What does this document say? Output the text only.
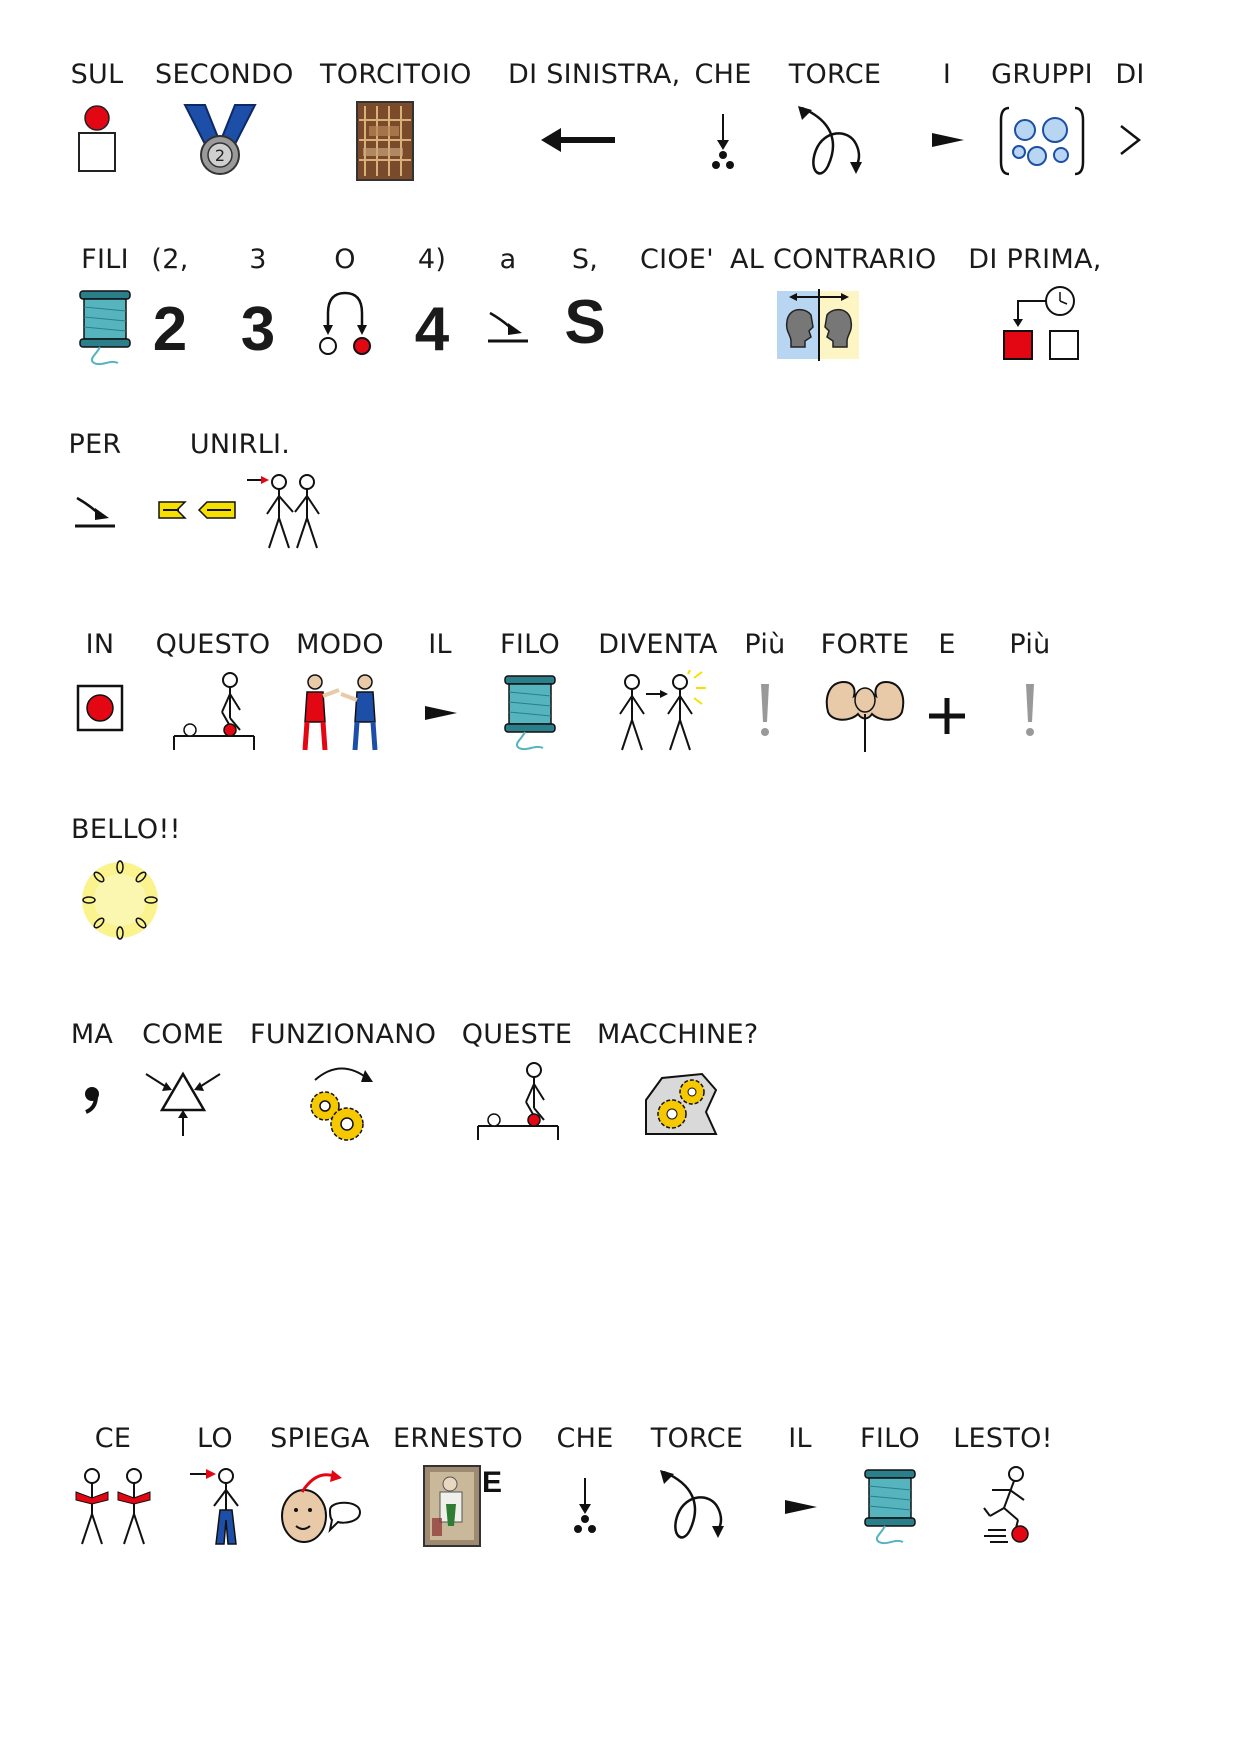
SUL	SECONDO
2
TORCITOIO DI SINISTRA, CHE	TORCE	I	GRUPPI DI
FILI (2,
2
3
3
O	4)
4
a	S,
S
CIOE' AL CONTRARIO	DI PRIMA,
PER	UNIRLI.
IN	QUESTO MODO	IL	FILO	DIVENTA Più	FORTE	E	Più
BELLO!!
MA	COME FUNZIONANO QUESTE MACCHINE?
CE	LO	SPIEGA ERNESTO
E
CHE	TORCE	IL	FILO	LESTO!
